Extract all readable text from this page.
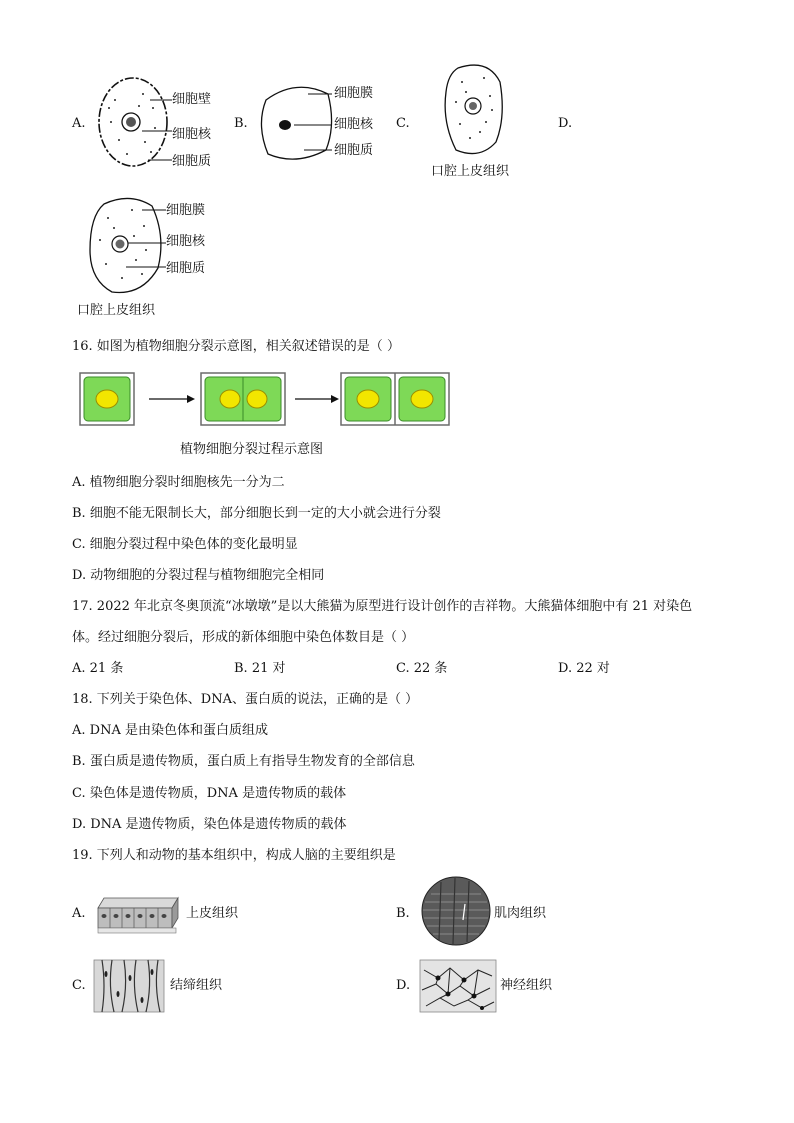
A.
细胞壁
细胞核
细胞质
B.
细胞膜
细胞核
细胞质
C.
口腔上皮组织
D.
细胞膜
细胞核
细胞质
口腔上皮组织
16. 如图为植物细胞分裂示意图，相关叙述错误的是（ ）
植物细胞分裂过程示意图
A. 植物细胞分裂时细胞核先一分为二
B. 细胞不能无限制长大，部分细胞长到一定的大小就会进行分裂
C. 细胞分裂过程中染色体的变化最明显
D. 动物细胞的分裂过程与植物细胞完全相同
17. 2022 年北京冬奥顶流“冰墩墩”是以大熊猫为原型进行设计创作的吉祥物。大熊猫体细胞中有 21 对染色
体。经过细胞分裂后，形成的新体细胞中染色体数目是（ ）
A. 21 条	B. 21 对	C. 22 条	D. 22 对
18. 下列关于染色体、DNA、蛋白质的说法，正确的是（ ）
A. DNA 是由染色体和蛋白质组成
B. 蛋白质是遗传物质，蛋白质上有指导生物发育的全部信息
C. 染色体是遗传物质，DNA 是遗传物质的载体
D. DNA 是遗传物质，染色体是遗传物质的载体
19. 下列人和动物的基本组织中，构成人脑的主要组织是
A.	上皮组织	B.	肌肉组织
C.	结缔组织	D.	神经组织
